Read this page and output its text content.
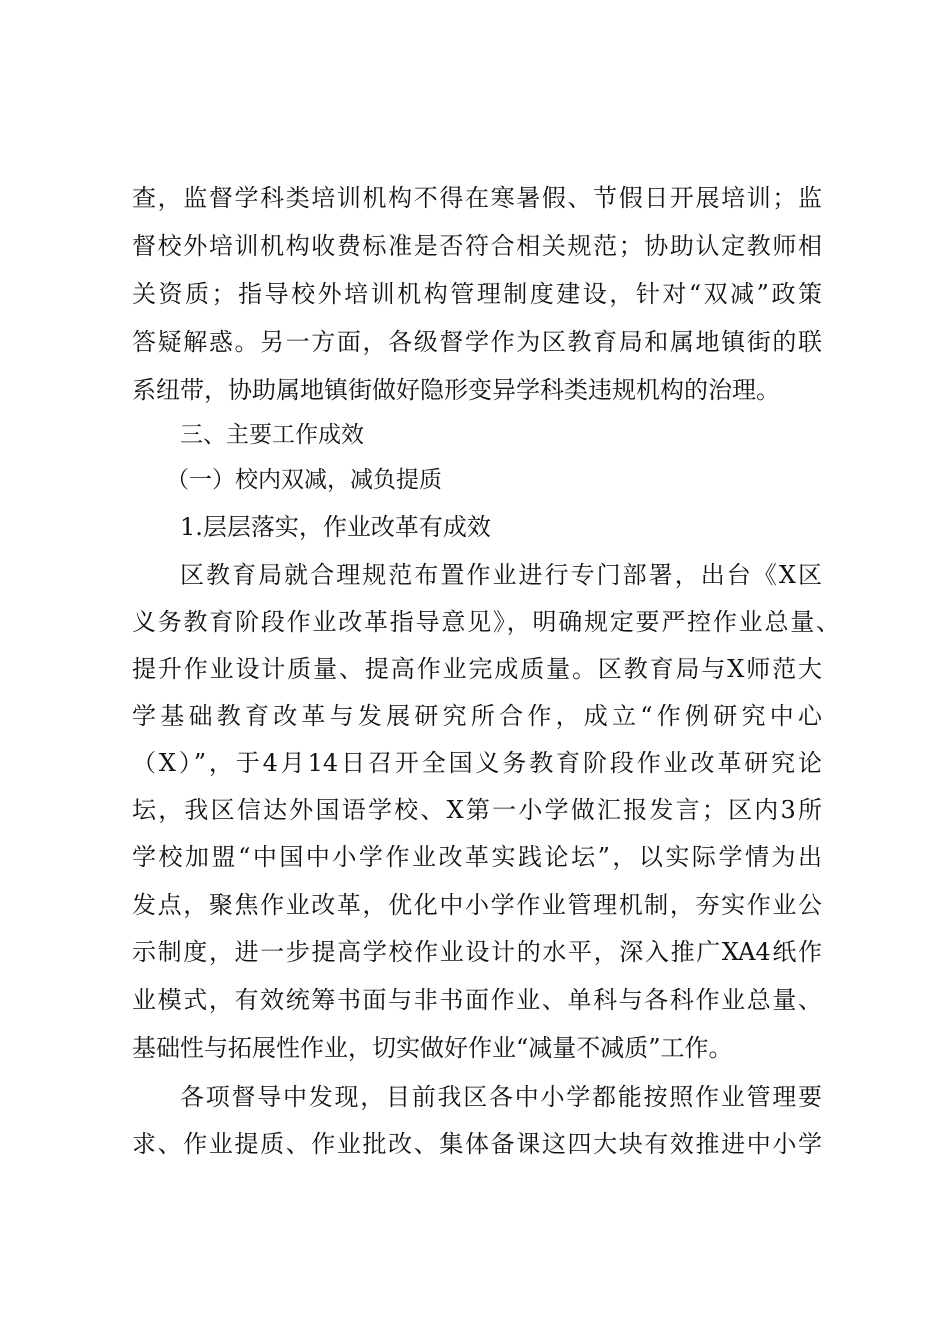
查，监督学科类培训机构不得在寒暑假、节假日开展培训；监
督校外培训机构收费标准是否符合相关规范；协助认定教师相
关资质；指导校外培训机构管理制度建设，针对“双减”政策
答疑解惑。另一方面，各级督学作为区教育局和属地镇街的联
系纽带，协助属地镇街做好隐形变异学科类违规机构的治理。
三、主要工作成效
（一）校内双减，减负提质
1.层层落实，作业改革有成效
区教育局就合理规范布置作业进行专门部署，出台《X区
义务教育阶段作业改革指导意见》，明确规定要严控作业总量、
提升作业设计质量、提高作业完成质量。区教育局与X师范大
学基础教育改革与发展研究所合作，成立“作例研究中心
（X）”，于4月14日召开全国义务教育阶段作业改革研究论
坛，我区信达外国语学校、X第一小学做汇报发言；区内3所
学校加盟“中国中小学作业改革实践论坛”，以实际学情为出
发点，聚焦作业改革，优化中小学作业管理机制，夯实作业公
示制度，进一步提高学校作业设计的水平，深入推广XA4纸作
业模式，有效统筹书面与非书面作业、单科与各科作业总量、
基础性与拓展性作业，切实做好作业“减量不减质”工作。
各项督导中发现，目前我区各中小学都能按照作业管理要
求、作业提质、作业批改、集体备课这四大块有效推进中小学
